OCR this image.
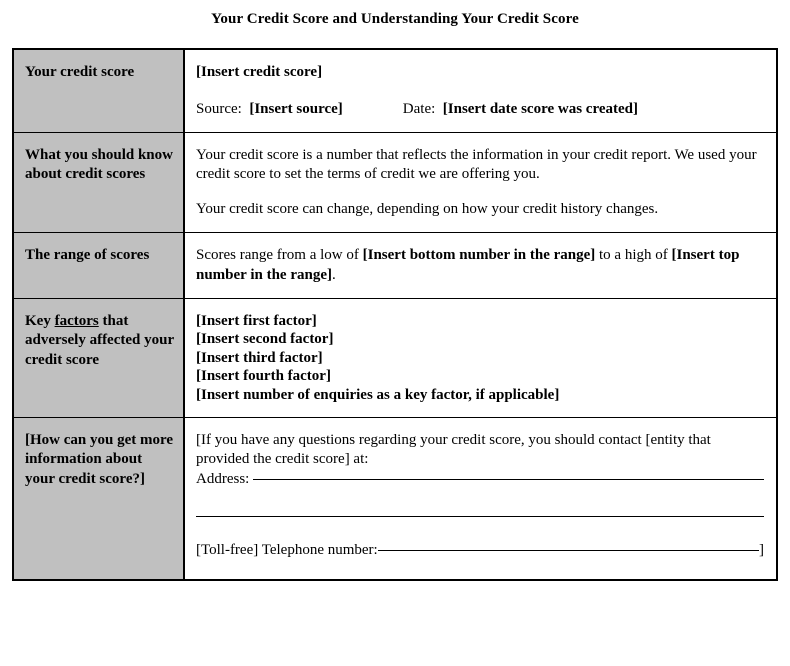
Your Credit Score and Understanding Your Credit Score
Your credit score	[Insert credit score]

Source:  [Insert source] Date:  [Insert date score was created]

What you should know about credit scores	Your credit score is a number that reflects the information in your credit report. We used your credit score to set the terms of credit we are offering you.

Your credit score can change, depending on how your credit history changes.

The range of scores	Scores range from a low of [Insert bottom number in the range] to a high of [Insert top number in the range].

Key factors that adversely affected your credit score	[Insert first factor]
[Insert second factor]
[Insert third factor]
[Insert fourth factor]
[Insert number of enquiries as a key factor, if applicable]

[How can you get more information about your credit score?]	[If you have any questions regarding your credit score, you should contact [entity that provided the credit score] at:

Address:
[Toll-free] Telephone number: ]
